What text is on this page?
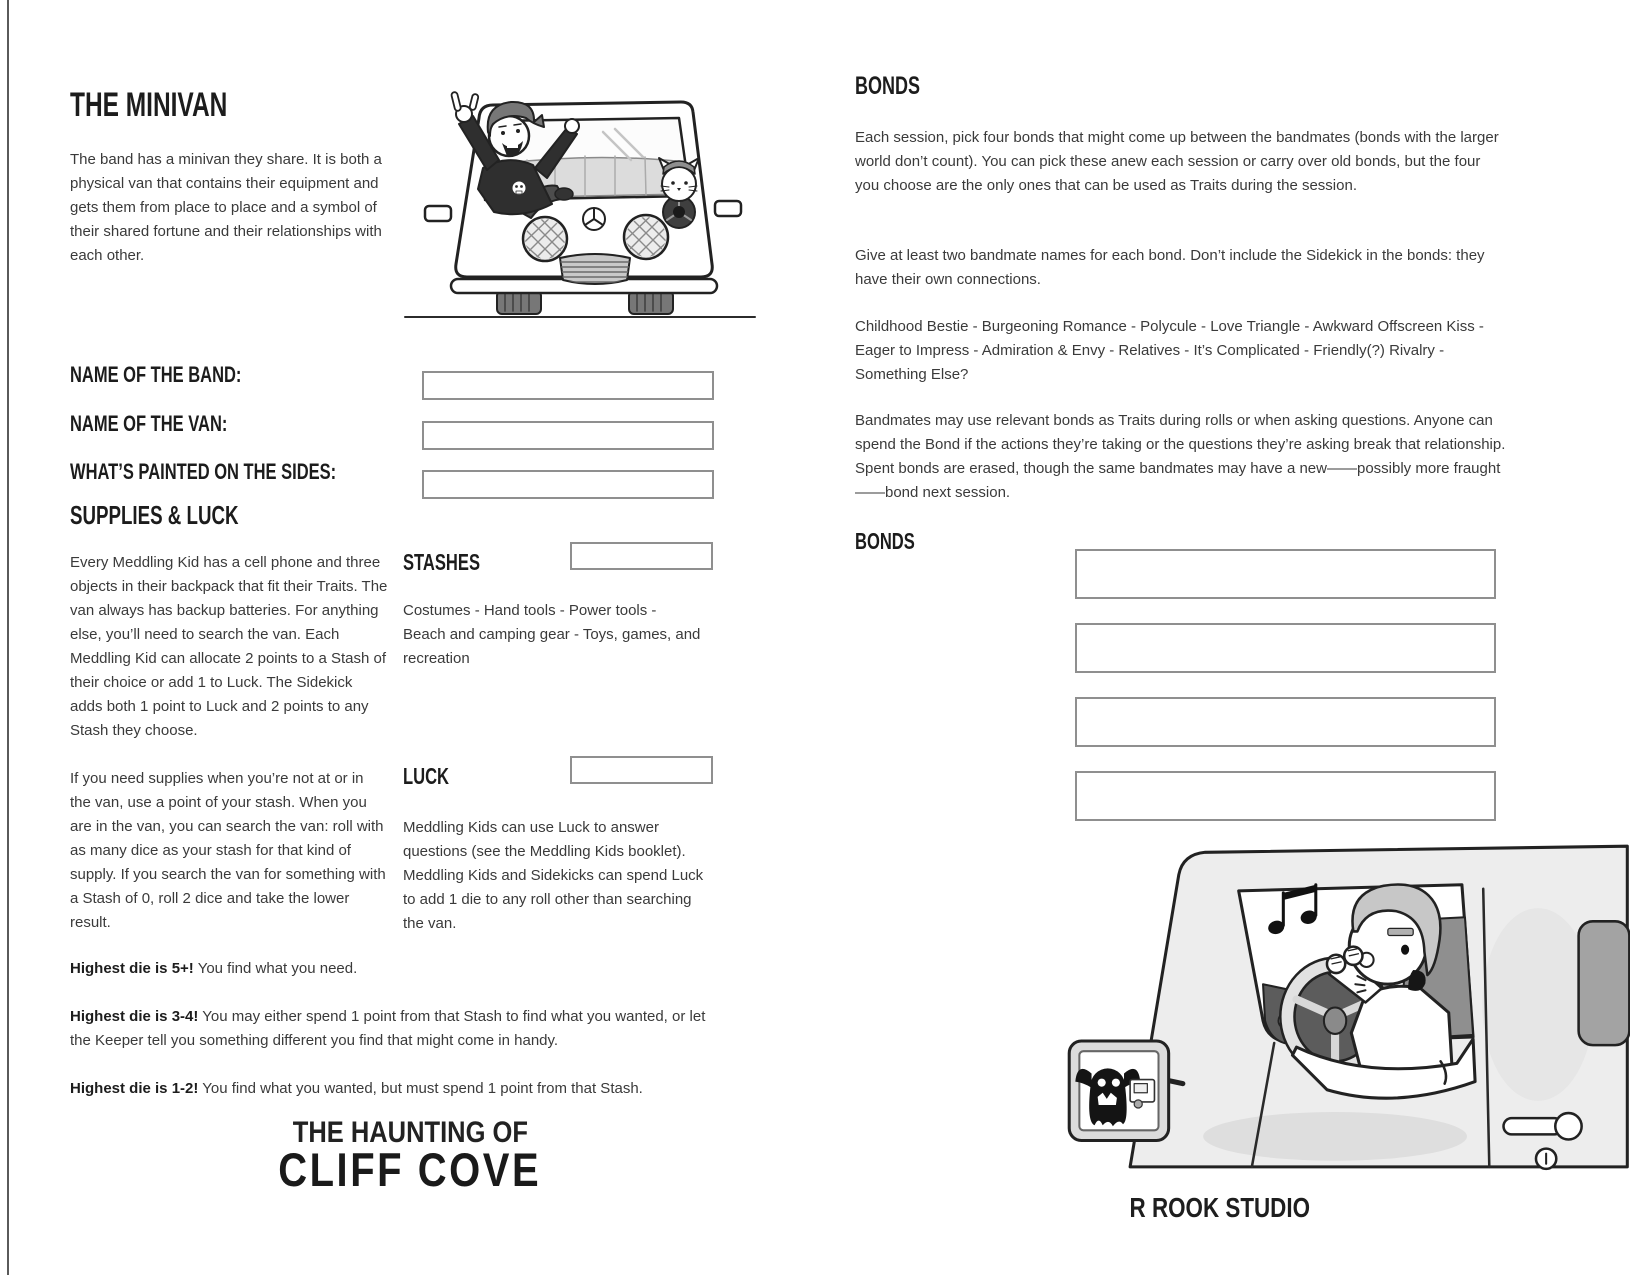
THE MINIVAN
The band has a minivan they share. It is both a physical van that contains their equipment and gets them from place to place and a symbol of their shared fortune and their relationships with each other.
NAME OF THE BAND:
NAME OF THE VAN:
WHAT’S PAINTED ON THE SIDES:
SUPPLIES & LUCK
Every Meddling Kid has a cell phone and three objects in their backpack that fit their Traits. The van always has backup batteries. For anything else, you’ll need to search the van. Each Meddling Kid can allocate 2 points to a Stash of their choice or add 1 to Luck. The Sidekick adds both 1 point to Luck and 2 points to any Stash they choose.
If you need supplies when you’re not at or in the van, use a point of your stash. When you are in the van, you can search the van: roll with as many dice as your stash for that kind of supply. If you search the van for something with a Stash of 0, roll 2 dice and take the lower result.
STASHES
Costumes - Hand tools - Power tools - Beach and camping gear - Toys, games, and recreation
LUCK
Meddling Kids can use Luck to answer questions (see the Meddling Kids booklet). Meddling Kids and Sidekicks can spend Luck to add 1 die to any roll other than searching the van.
Highest die is 5+! You find what you need.
Highest die is 3-4! You may either spend 1 point from that Stash to find what you wanted, or let the Keeper tell you something different you find that might come in handy.
Highest die is 1-2! You find what you wanted, but must spend 1 point from that Stash.
THE HAUNTING OF
CLIFF COVE
BONDS
Each session, pick four bonds that might come up between the bandmates (bonds with the larger world don’t count). You can pick these anew each session or carry over old bonds, but the four you choose are the only ones that can be used as Traits during the session.
Give at least two bandmate names for each bond. Don’t include the Sidekick in the bonds: they have their own connections.
Childhood Bestie - Burgeoning Romance - Polycule - Love Triangle - Awkward Offscreen Kiss - Eager to Impress - Admiration & Envy - Relatives - It’s Complicated - Friendly(?) Rivalry - Something Else?
Bandmates may use relevant bonds as Traits during rolls or when asking questions. Anyone can spend the Bond if the actions they’re taking or the questions they’re asking break that relationship. Spent bonds are erased, though the same bandmates may have a new——possibly more fraught——bond next session.
BONDS
R ROOK STUDIO
